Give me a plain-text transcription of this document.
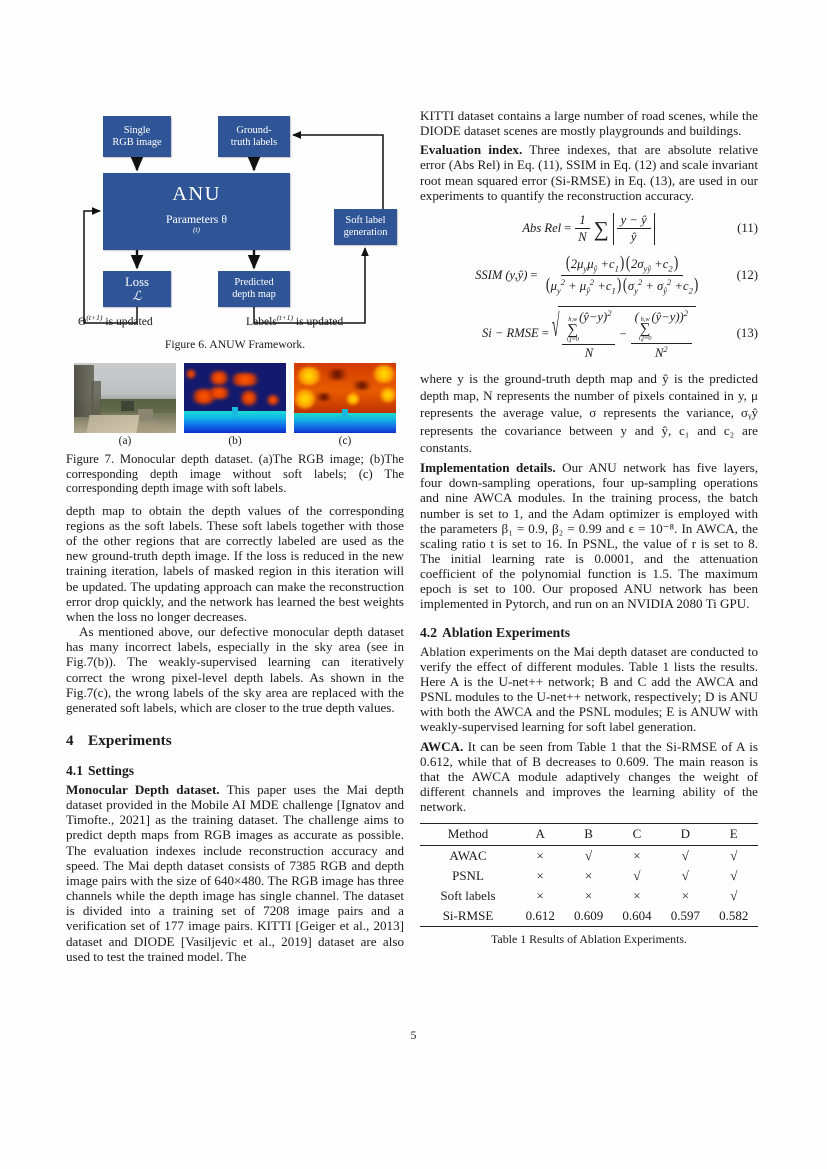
Single
RGB image
Ground-
truth labels
ANU
Parameters θ
$^{(t)}$
Loss
ℒ
Predicted
depth map
Soft label
generation
$\Theta^{(t+1)}$ is updated	Labels$^{(t+1)}$ is updated

Figure 6. ANUW Framework.

(a)	(b)	(c)

Figure 7. Monocular depth dataset. (a)The RGB image; (b)The corresponding depth image without soft labels; (c) The corresponding depth image with soft labels.

depth map to obtain the depth values of the corresponding regions as the soft labels. These soft labels together with those of the other regions that are correctly labeled are used as the new ground-truth depth image. If the loss is reduced in the new training iteration, labels of masked region in this iteration will be updated. The updating approach can make the reconstruction error drop quickly, and the network has learned the best weights when the loss no longer decreases.

As mentioned above, our defective monocular depth dataset has many incorrect labels, especially in the sky area (see in Fig.7(b)). The weakly-supervised learning can iteratively correct the wrong pixel-level depth labels. As shown in the Fig.7(c), the wrong labels of the sky area are replaced with the generated soft labels, which are closer to the true depth values.

4 Experiments
4.1 Settings

Monocular Depth dataset. This paper uses the Mai depth dataset provided in the Mobile AI MDE challenge [Ignatov and Timofte., 2021] as the training dataset. The challenge aims to predict depth maps from RGB images as accurate as possible. The evaluation indexes include reconstruction accuracy and speed. The Mai depth dataset consists of 7385 RGB and depth image pairs with the size of 640×480. The RGB image has three channels while the depth image has single channel. The dataset is divided into a training set of 7208 image pairs and a verification set of 177 image pairs. KITTI [Geiger et al., 2013] dataset and DIODE [Vasiljevic et al., 2019] dataset are also used to test the trained model. The

KITTI dataset contains a large number of road scenes, while the DIODE dataset scenes are mostly playgrounds and buildings.

Evaluation index. Three indexes, that are absolute relative error (Abs Rel) in Eq. (11), SSIM in Eq. (12) and scale invariant root mean squared error (Si-RMSE) in Eq. (13), are used in our experiments to quantify the reconstruction accuracy.

Abs Rel = $\frac{1}{N}$ ∑ $\frac{y - ŷ}{ŷ}$	(11)
SSIM (y,ŷ) = $\frac{(2\mu_y\mu_ŷ +c_1)(2\sigma_{yŷ} +c_2)}{(\mu_y^2 + \mu_ŷ^2 +c_1)(\sigma_y^2 + \sigma_ŷ^2 +c_2)}$	(12)
Si − RMSE = √ h,w
∑
i,j=0
(ŷ−y)$^2$
N
−
( h,w
∑
i,j=0
(ŷ−y))$^2$
$N^2$
(13)

where y is the ground-truth depth map and ŷ is the predicted depth map, N represents the number of pixels contained in y, μ represents the average value, σ represents the variance, σᵧŷ represents the covariance between y and ŷ, c₁ and c₂ are constants.

Implementation details. Our ANU network has five layers, four down-sampling operations, four up-sampling operations and nine AWCA modules. In the training process, the batch number is set to 1, and the Adam optimizer is employed with the parameters β₁ = 0.9, β₂ = 0.99 and ϵ = 10⁻⁸. In AWCA, the scaling ratio t is set to 16. In PSNL, the value of r is set to 8. The initial learning rate is 0.0001, and the attenuation coefficient of the polynomial function is 1.5. The maximum epoch is set to 100. Our proposed ANU network has been implemented in Pytorch, and run on an NVIDIA 2080 Ti GPU.

4.2 Ablation Experiments

Ablation experiments on the Mai depth dataset are conducted to verify the effect of different modules. Table 1 lists the results. Here A is the U-net++ network; B and C add the AWCA and PSNL modules to the U-net++ network, respectively; D is ANU with both the AWCA and the PSNL modules; E is ANUW with weakly-supervised learning for soft label generation.

AWCA. It can be seen from Table 1 that the Si-RMSE of A is 0.612, while that of B decreases to 0.609. The main reason is that the AWCA module adaptively changes the weight of different channels and improves the learning ability of the network.

Method	A	B	C	D	E
AWAC	×	√	×	√	√
PSNL	×	×	√	√	√
Soft labels	×	×	×	×	√
Si-RMSE	0.612	0.609	0.604	0.597	0.582
Table 1 Results of Ablation Experiments.
5
